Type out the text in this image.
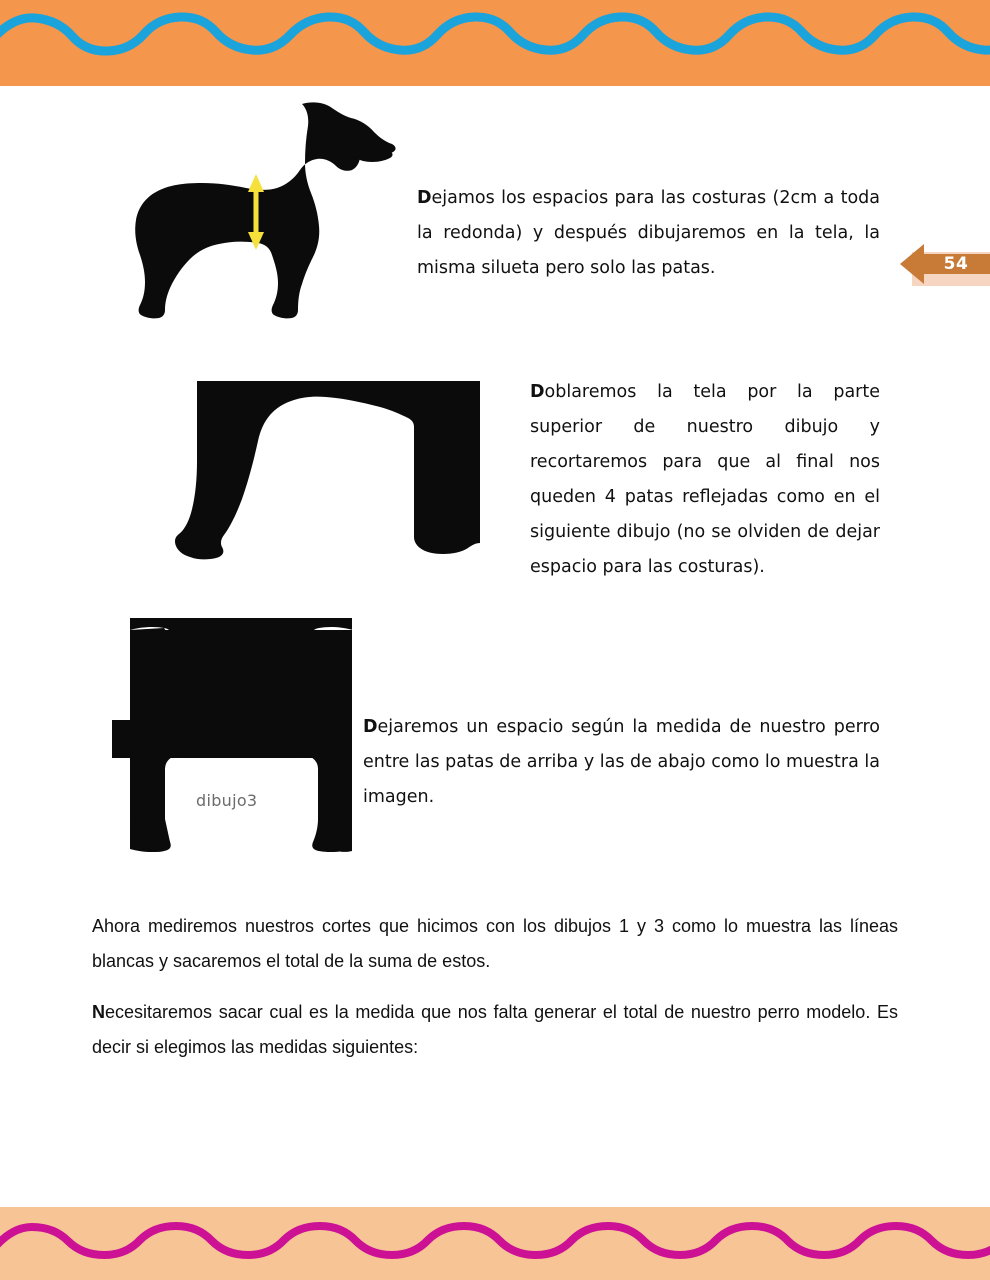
54
dibujo3

Dejamos los espacios para las costuras (2cm a toda la redonda) y después dibujaremos en la tela, la misma silueta pero solo las patas.

Doblaremos la tela por la parte superior de nuestro dibujo y recortaremos para que al final nos queden 4 patas reflejadas como en el siguiente dibujo (no se olviden de dejar espacio para las costuras).

Dejaremos un espacio según la medida de nuestro perro entre las patas de arriba y las de abajo como lo muestra la imagen.

Ahora mediremos nuestros cortes que hicimos con los dibujos 1 y 3 como lo muestra las líneas blancas y sacaremos el total de la suma de estos.

Necesitaremos sacar cual es la medida que nos falta generar el total de nuestro perro modelo. Es decir si elegimos las medidas siguientes:
